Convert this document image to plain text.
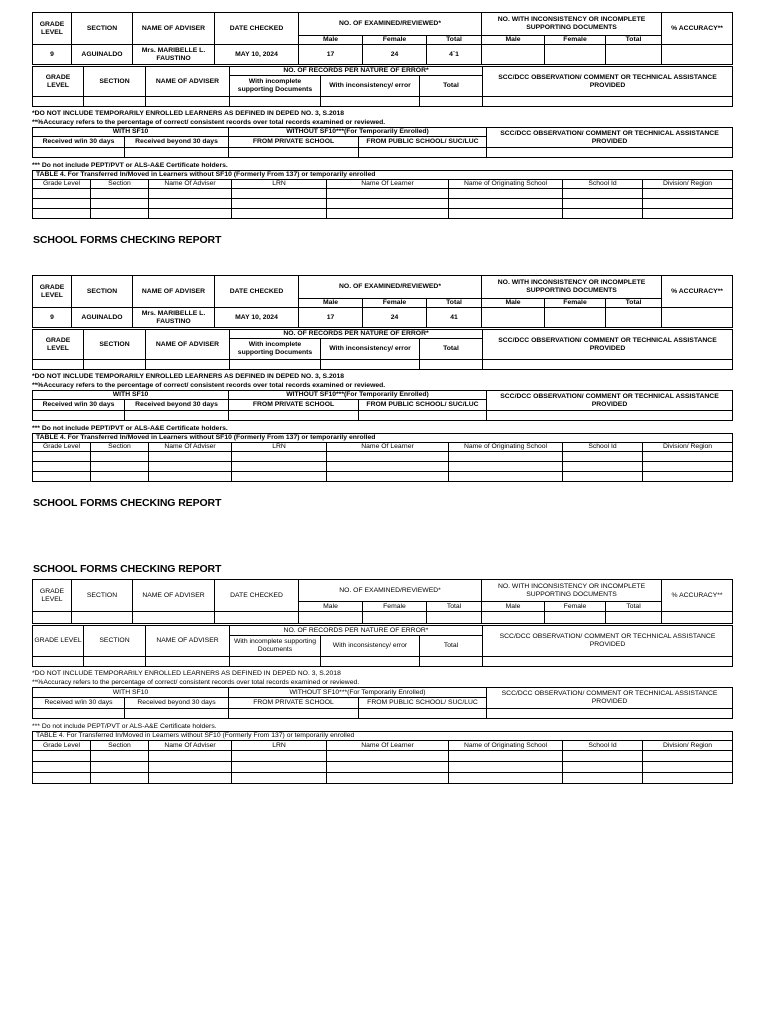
GRADE LEVEL	SECTION	NAME OF ADVISER	DATE CHECKED	NO. OF EXAMINED/REVIEWED*			NO. WITH INCONSISTENCY OR INCOMPLETE SUPPORTING DOCUMENTS			% ACCURACY**
				Male	Female	Total	Male	Female	Total	
9	AGUINALDO	Mrs. MARIBELLE L. FAUSTINO	MAY 10, 2024	17	24	4`1				
GRADE LEVEL	SECTION	NAME OF ADVISER	NO. OF RECORDS PER NATURE OF ERROR*			SCC/DCC OBSERVATION/ COMMENT OR TECHNICAL ASSISTANCE PROVIDED
			With incomplete supporting Documents	With inconsistency/ error	Total	

*DO NOT INCLUDE TEMPORARILY ENROLLED LEARNERS AS DEFINED IN DEPED NO. 3, S.2018
**%Accuracy refers to the percentage of correct/ consistent records over total records examined or reviewed.
WITH SF10		WITHOUT SF10***(For Temporarily Enrolled)		SCC/DCC OBSERVATION/ COMMENT OR TECHNICAL ASSISTANCE PROVIDED
Received w/in 30 days	Received beyond 30 days	FROM PRIVATE SCHOOL	FROM PUBLIC SCHOOL/ SUC/LUC	

*** Do not include PEPT/PVT or ALS-A&E Certificate holders.
TABLE 4. For Transferred In/Moved in Learners without SF10 (Formerly From 137) or temporarily enrolled							
Grade Level	Section	Name Of Adviser	LRN	Name Of Learner	Name of Originating School	School Id	Division/ Region

SCHOOL FORMS CHECKING REPORT
GRADE LEVEL	SECTION	NAME OF ADVISER	DATE CHECKED	NO. OF EXAMINED/REVIEWED*			NO. WITH INCONSISTENCY OR INCOMPLETE SUPPORTING DOCUMENTS			% ACCURACY**
				Male	Female	Total	Male	Female	Total	
9	AGUINALDO	Mrs. MARIBELLE L. FAUSTINO	MAY 10, 2024	17	24	41				
GRADE LEVEL	SECTION	NAME OF ADVISER	NO. OF RECORDS PER NATURE OF ERROR*			SCC/DCC OBSERVATION/ COMMENT OR TECHNICAL ASSISTANCE PROVIDED
			With incomplete supporting Documents	With inconsistency/ error	Total	

*DO NOT INCLUDE TEMPORARILY ENROLLED LEARNERS AS DEFINED IN DEPED NO. 3, S.2018
**%Accuracy refers to the percentage of correct/ consistent records over total records examined or reviewed.
WITH SF10		WITHOUT SF10***(For Temporarily Enrolled)		SCC/DCC OBSERVATION/ COMMENT OR TECHNICAL ASSISTANCE PROVIDED
Received w/in 30 days	Received beyond 30 days	FROM PRIVATE SCHOOL	FROM PUBLIC SCHOOL/ SUC/LUC	

*** Do not include PEPT/PVT or ALS-A&E Certificate holders.
TABLE 4. For Transferred In/Moved in Learners without SF10 (Formerly From 137) or temporarily enrolled							
Grade Level	Section	Name Of Adviser	LRN	Name Of Learner	Name of Originating School	School Id	Division/ Region

SCHOOL FORMS CHECKING REPORT
SCHOOL FORMS CHECKING REPORT
GRADE LEVEL	SECTION	NAME OF ADVISER	DATE CHECKED	NO. OF EXAMINED/REVIEWED*			NO. WITH INCONSISTENCY OR INCOMPLETE SUPPORTING DOCUMENTS			% ACCURACY**
				Male	Female	Total	Male	Female	Total	

GRADE LEVEL	SECTION	NAME OF ADVISER	NO. OF RECORDS PER NATURE OF ERROR*			SCC/DCC OBSERVATION/ COMMENT OR TECHNICAL ASSISTANCE PROVIDED
			With incomplete supporting Documents	With inconsistency/ error	Total	

*DO NOT INCLUDE TEMPORARILY ENROLLED LEARNERS AS DEFINED IN DEPED NO. 3, S.2018
**%Accuracy refers to the percentage of correct/ consistent records over total records examined or reviewed.
WITH SF10		WITHOUT SF10***(For Temporarily Enrolled)		SCC/DCC OBSERVATION/ COMMENT OR TECHNICAL ASSISTANCE PROVIDED
Received w/in 30 days	Received beyond 30 days	FROM PRIVATE SCHOOL	FROM PUBLIC SCHOOL/ SUC/LUC	

*** Do not include PEPT/PVT or ALS-A&E Certificate holders.
TABLE 4. For Transferred In/Moved in Learners without SF10 (Formerly From 137) or temporarily enrolled							
Grade Level	Section	Name Of Adviser	LRN	Name Of Learner	Name of Originating School	School Id	Division/ Region
